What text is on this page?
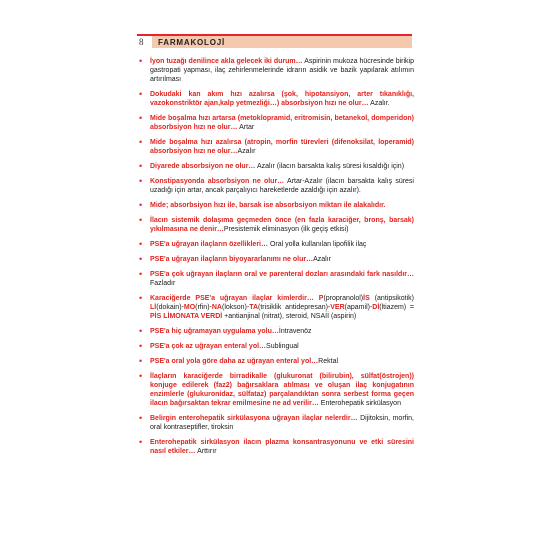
8	FARMAKOLOJİ
• İyon tuzağı denilince akla gelecek iki durum… Aspirinin mukoza hücresinde birikip gastropati yapması, ilaç zehirlenmelerinde idrarın asidik ve bazik yapılarak atılımın artırılması
• Dokudaki kan akım hızı azalırsa (şok, hipotansiyon, arter tıkanıklığı, vazokonstriktör ajan,kalp yetmezliği…) absorbsiyon hızı ne olur… Azalır.
• Mide boşalma hızı artarsa (metoklopramid, eritromisin, betanekol, domperidon) absorbsiyon hızı ne olur… Artar
• Mide boşalma hızı azalırsa (atropin, morfin türevleri (difenoksilat, loperamid) absorbsiyon hızı ne olur…Azalır
• Diyarede absorbsiyon ne olur… Azalır (ilacın barsakta kalış süresi kısaldığı için)
• Konstipasyonda absorbsiyon ne olur… Artar-Azalır (ilacın barsakta kalış süresi uzadığı için artar, ancak parçalıyıcı hareketlerde azaldığı için azalır).
• Mide; absorbsiyon hızı ile, barsak ise absorbsiyon miktarı ile alakalıdır.
• İlacın sistemik dolaşıma geçmeden önce (en fazla karaciğer, bronş, barsak) yıkılmasına ne denir…Presistemik eliminasyon (ilk geçiş etkisi)
• PSE'a uğrayan ilaçların özellikleri… Oral yolla kullanılan lipofilik ilaç
• PSE'a uğrayan ilaçların biyoyararlanımı ne olur…Azalır
• PSE'a çok uğrayan ilaçların oral ve parenteral dozları arasındaki fark nasıldır…Fazladır
• Karaciğerde PSE'a uğrayan ilaçlar kimlerdir… P(propranolol)İS (antipsikotik) Lİ(dokain)-MO(rfin)-NA(lokson)-TA(trisiklik antidepresan)-VER(apamil)-Dİ(ltiazem) = PİS LİMONATA VERDİ +antianjinal (nitrat), steroid, NSAİİ (aspirin)
• PSE'a hiç uğramayan uygulama yolu…İntravenöz
• PSE'a çok az uğrayan enteral yol…Sublingual
• PSE'a oral yola göre daha az uğrayan enteral yol…Rektal
• İlaçların karaciğerde birradikalle (glukuronat (bilirubin), sülfat(östrojen)) konjuge edilerek (faz2) bağırsaklara atılması ve oluşan ilaç konjugatının enzimlerle (glukuronidaz, sülfataz) parçalandıktan sonra serbest forma geçen ilacın bağırsaktan tekrar emilmesine ne ad verilir… Enterohepatik sirkülasyon
• Belirgin enterohepatik sirkülasyona uğrayan ilaçlar nelerdir… Dijitoksin, morfin, oral kontraseptifler, tiroksin
• Enterohepatik sirkülasyon ilacın plazma konsantrasyonunu ve etki süresini nasıl etkiler… Arttırır
